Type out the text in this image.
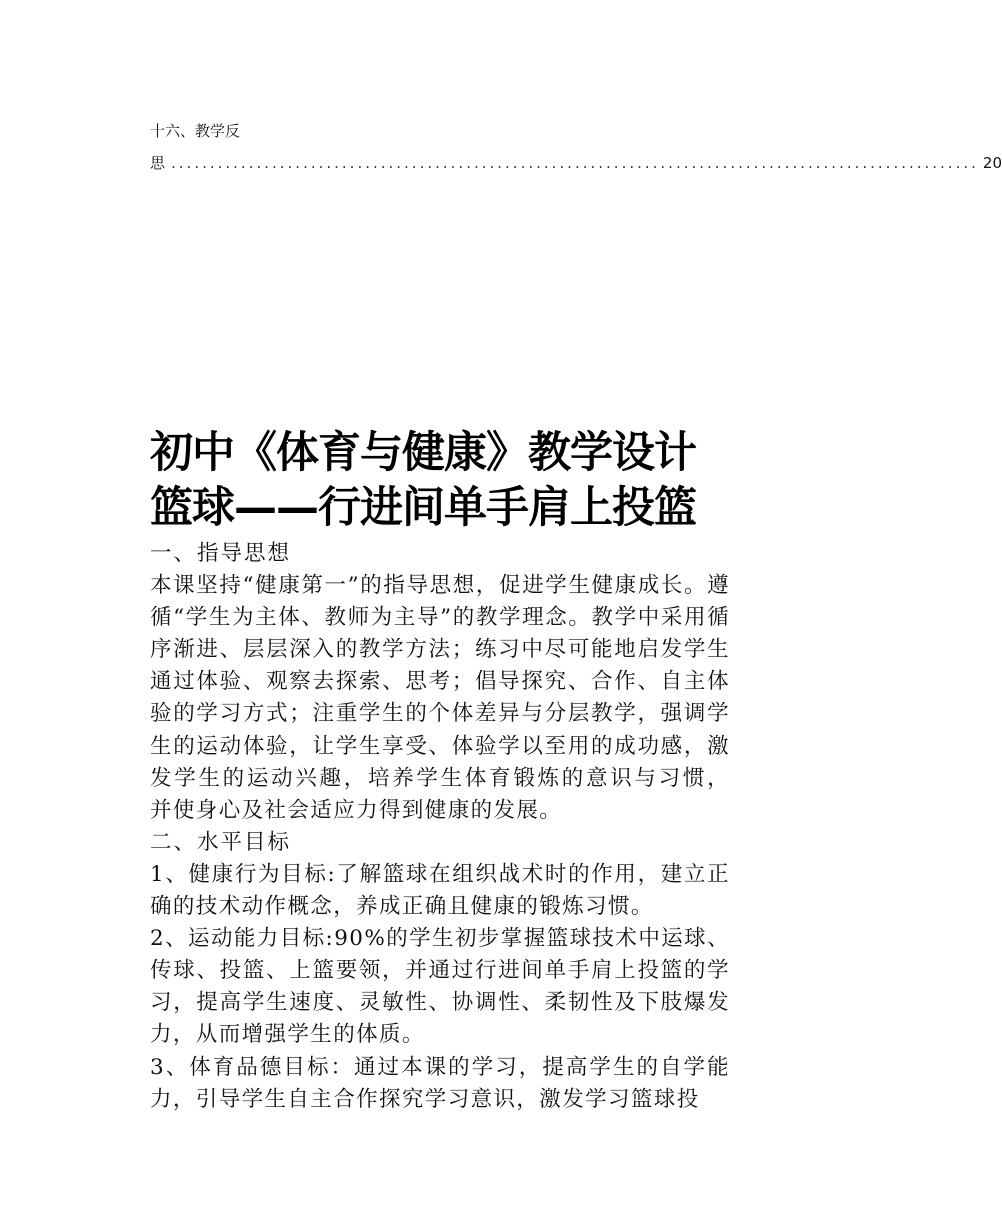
十六、教学反
思 ........................................................................................................ 20
初中《体育与健康》教学设计
篮球——行进间单手肩上投篮

一、指导思想

本课坚持“健康第一”的指导思想，促进学生健康成长。遵循“学生为主体、教师为主导”的教学理念。教学中采用循序渐进、层层深入的教学方法；练习中尽可能地启发学生通过体验、观察去探索、思考；倡导探究、合作、自主体验的学习方式；注重学生的个体差异与分层教学，强调学生的运动体验，让学生享受、体验学以至用的成功感，激发学生的运动兴趣，培养学生体育锻炼的意识与习惯， 并使身心及社会适应力得到健康的发展。

二、水平目标

1、健康行为目标:了解篮球在组织战术时的作用，建立正确的技术动作概念，养成正确且健康的锻炼习惯。

2、运动能力目标:90%的学生初步掌握篮球技术中运球、传球、投篮、上篮要领，并通过行进间单手肩上投篮的学习，提高学生速度、灵敏性、协调性、柔韧性及下肢爆发力，从而增强学生的体质。

3、体育品德目标：通过本课的学习，提高学生的自学能力，引导学生自主合作探究学习意识，激发学习篮球投
